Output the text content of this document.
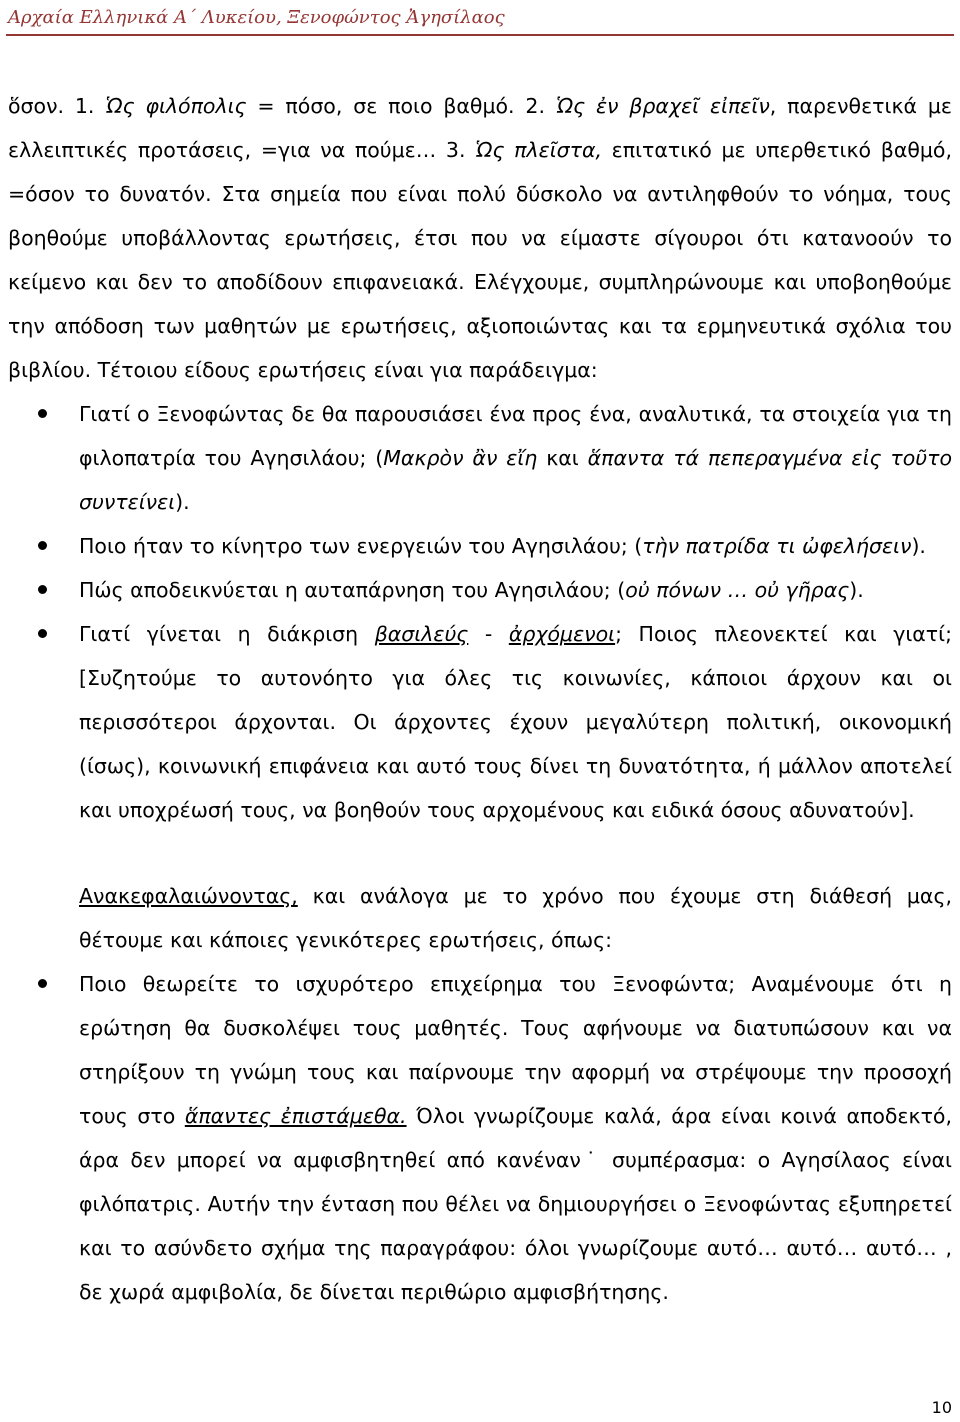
Αρχαία Ελληνικά Α΄ Λυκείου, Ξενοφώντος Ἀγησίλαος

ὅσον. 1. Ὡς φιλόπολις = πόσο, σε ποιο βαθμό. 2. Ὡς ἐν βραχεῖ εἰπεῖν, παρενθετικά με ελλειπτικές προτάσεις, =για να πούμε… 3. Ὡς πλεῖστα, επιτατικό με υπερθετικό βαθμό, =όσον το δυνατόν. Στα σημεία που είναι πολύ δύσκολο να αντιληφθούν το νόημα, τους βοηθούμε υποβάλλοντας ερωτήσεις, έτσι που να είμαστε σίγουροι ότι κατανοούν το κείμενο και δεν το αποδίδουν επιφανειακά. Ελέγχουμε, συμπληρώνουμε και υποβοηθούμε την απόδοση των μαθητών με ερωτήσεις, αξιοποιώντας και τα ερμηνευτικά σχόλια του βιβλίου. Τέτοιου είδους ερωτήσεις είναι για παράδειγμα:

Γιατί ο Ξενοφώντας δε θα παρουσιάσει ένα προς ένα, αναλυτικά, τα στοιχεία για τη φιλοπατρία του Αγησιλάου; (Μακρὸν ἂν εἴη και ἅπαντα τά πεπεραγμένα εἰς τοῦτο συντείνει).
Ποιο ήταν το κίνητρο των ενεργειών του Αγησιλάου; (τὴν πατρίδα τι ὠφελήσειν).
Πώς αποδεικνύεται η αυταπάρνηση του Αγησιλάου; (οὐ πόνων … οὐ γῆρας).
Γιατί γίνεται η διάκριση βασιλεύς - ἀρχόμενοι; Ποιος πλεονεκτεί και γιατί; [Συζητούμε το αυτονόητο για όλες τις κοινωνίες, κάποιοι άρχουν και οι περισσότεροι άρχονται. Οι άρχοντες έχουν μεγαλύτερη πολιτική, οικονομική (ίσως), κοινωνική επιφάνεια και αυτό τους δίνει τη δυνατότητα, ή μάλλον αποτελεί και υποχρέωσή τους, να βοηθούν τους αρχομένους και ειδικά όσους αδυνατούν].

Ανακεφαλαιώνοντας, και ανάλογα με το χρόνο που έχουμε στη διάθεσή μας, θέτουμε και κάποιες γενικότερες ερωτήσεις, όπως:

Ποιο θεωρείτε το ισχυρότερο επιχείρημα του Ξενοφώντα; Αναμένουμε ότι η ερώτηση θα δυσκολέψει τους μαθητές. Τους αφήνουμε να διατυπώσουν και να στηρίξουν τη γνώμη τους και παίρνουμε την αφορμή να στρέψουμε την προσοχή τους στο ἅπαντες ἐπιστάμεθα. Όλοι γνωρίζουμε καλά, άρα είναι κοινά αποδεκτό, άρα δεν μπορεί να αμφισβητηθεί από κανέναν˙ συμπέρασμα: ο Αγησίλαος είναι φιλόπατρις. Αυτήν την ένταση που θέλει να δημιουργήσει ο Ξενοφώντας εξυπηρετεί και το ασύνδετο σχήμα της παραγράφου: όλοι γνωρίζουμε αυτό… αυτό… αυτό… , δε χωρά αμφιβολία, δε δίνεται περιθώριο αμφισβήτησης.
10
